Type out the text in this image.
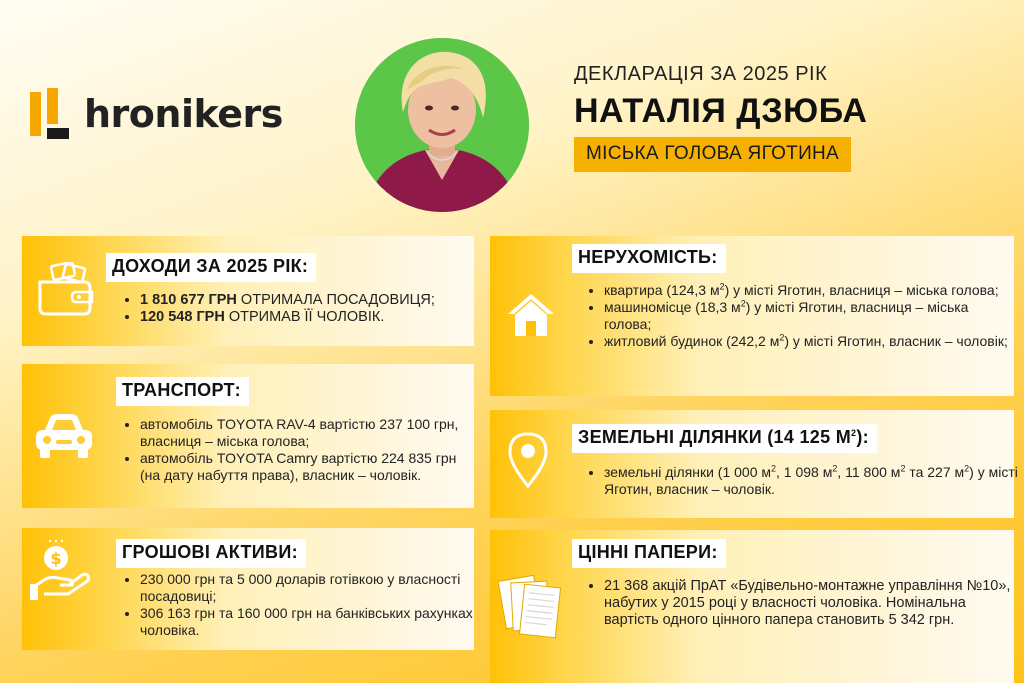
hronikers
ДЕКЛАРАЦІЯ ЗА 2025 РІК
НАТАЛІЯ ДЗЮБА
МІСЬКА ГОЛОВА ЯГОТИНА
ДОХОДИ ЗА 2025 РІК:
• 1 810 677 ГРН ОТРИМАЛА ПОСАДОВИЦЯ;
• 120 548 ГРН ОТРИМАВ ЇЇ ЧОЛОВІК.
ТРАНСПОРТ:
• автомобіль TOYOTA RAV-4 вартістю 237 100 грн, власниця – міська голова;
• автомобіль TOYOTA Camry вартістю 224 835 грн (на дату набуття права), власник – чоловік.
$	ГРОШОВІ АКТИВИ:
• 230 000 грн та 5 000 доларів готівкою у власності посадовиці;
• 306 163 грн та 160 000 грн на банківських рахунках чоловіка.
НЕРУХОМІСТЬ:
• квартира (124,3 $м^2$) у місті Яготин, власниця – міська голова;
• машиномісце (18,3 $м^2$) у місті Яготин, власниця – міська голова;
• житловий будинок (242,2 $м^2$) у місті Яготин, власник – чоловік;
ЗЕМЕЛЬНІ ДІЛЯНКИ (14 125 $М^2$):
• земельні ділянки (1 000 $м^2$, 1 098 $м^2$, 11 800 $м^2$ та 227 $м^2$) у місті Яготин, власник – чоловік.
ЦІННІ ПАПЕРИ:
• 21 368 акцій ПрАТ «Будівельно-монтажне управління №10», набутих у 2015 році у власності чоловіка. Номінальна вартість одного цінного папера становить 5 342 грн.
